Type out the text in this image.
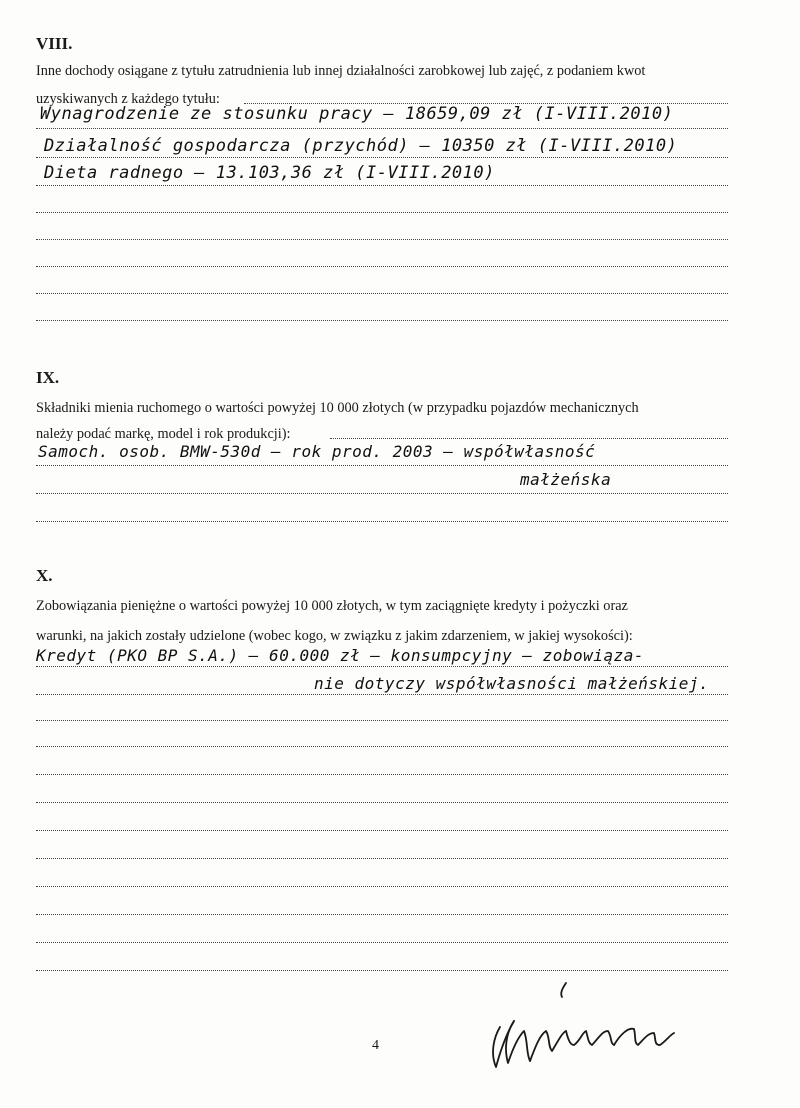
VIII.
Inne dochody osiągane z tytułu zatrudnienia lub innej działalności zarobkowej lub zajęć, z podaniem kwot
uzyskiwanych z każdego tytułu:
Wynagrodzenie ze stosunku pracy – 18659,09 zł (I-VIII.2010)
Działalność gospodarcza (przychód) – 10350 zł (I-VIII.2010)
Dieta radnego – 13.103,36 zł (I-VIII.2010)
IX.
Składniki mienia ruchomego o wartości powyżej 10 000 złotych (w przypadku pojazdów mechanicznych
należy podać markę, model i rok produkcji):
Samoch. osob. BMW-530d – rok prod. 2003 – współwłasność
małżeńska
X.
Zobowiązania pieniężne o wartości powyżej 10 000 złotych, w tym zaciągnięte kredyty i pożyczki oraz
warunki, na jakich zostały udzielone (wobec kogo, w związku z jakim zdarzeniem, w jakiej wysokości):
Kredyt (PKO BP S.A.) – 60.000 zł – konsumpcyjny – zobowiąza-
nie dotyczy współwłasności małżeńskiej.
4
